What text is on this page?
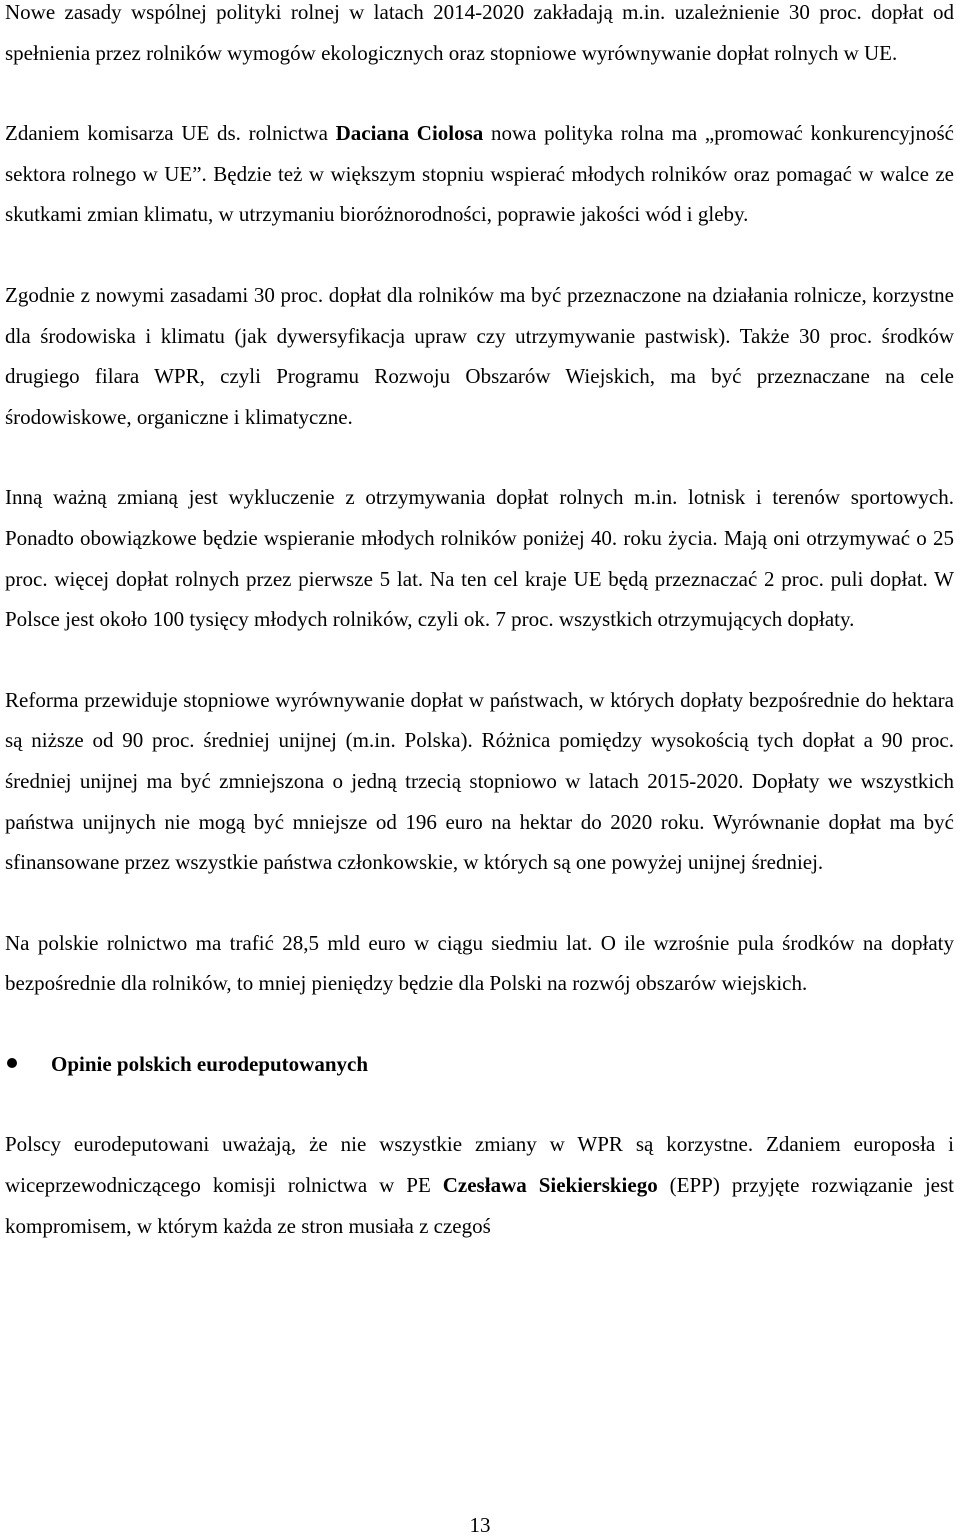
Nowe zasady wspólnej polityki rolnej w latach 2014-2020 zakładają m.in. uzależnienie 30 proc. dopłat od spełnienia przez rolników wymogów ekologicznych oraz stopniowe wyrównywanie dopłat rolnych w UE.

Zdaniem komisarza UE ds. rolnictwa Daciana Ciolosa nowa polityka rolna ma „promować konkurencyjność sektora rolnego w UE”. Będzie też w większym stopniu wspierać młodych rolników oraz pomagać w walce ze skutkami zmian klimatu, w utrzymaniu bioróżnorodności, poprawie jakości wód i gleby.

Zgodnie z nowymi zasadami 30 proc. dopłat dla rolników ma być przeznaczone na działania rolnicze, korzystne dla środowiska i klimatu (jak dywersyfikacja upraw czy utrzymywanie pastwisk). Także 30 proc. środków drugiego filara WPR, czyli Programu Rozwoju Obszarów Wiejskich, ma być przeznaczane na cele środowiskowe, organiczne i klimatyczne.

Inną ważną zmianą jest wykluczenie z otrzymywania dopłat rolnych m.in. lotnisk i terenów sportowych. Ponadto obowiązkowe będzie wspieranie młodych rolników poniżej 40. roku życia. Mają oni otrzymywać o 25 proc. więcej dopłat rolnych przez pierwsze 5 lat. Na ten cel kraje UE będą przeznaczać 2 proc. puli dopłat. W Polsce jest około 100 tysięcy młodych rolników, czyli ok. 7 proc. wszystkich otrzymujących dopłaty.

Reforma przewiduje stopniowe wyrównywanie dopłat w państwach, w których dopłaty bezpośrednie do hektara są niższe od 90 proc. średniej unijnej (m.in. Polska). Różnica pomiędzy wysokością tych dopłat a 90 proc. średniej unijnej ma być zmniejszona o jedną trzecią stopniowo w latach 2015-2020. Dopłaty we wszystkich państwa unijnych nie mogą być mniejsze od 196 euro na hektar do 2020 roku. Wyrównanie dopłat ma być sfinansowane przez wszystkie państwa członkowskie, w których są one powyżej unijnej średniej.

Na polskie rolnictwo ma trafić 28,5 mld euro w ciągu siedmiu lat. O ile wzrośnie pula środków na dopłaty bezpośrednie dla rolników, to mniej pieniędzy będzie dla Polski na rozwój obszarów wiejskich.

Opinie polskich eurodeputowanych

Polscy eurodeputowani uważają, że nie wszystkie zmiany w WPR są korzystne. Zdaniem europosła i wiceprzewodniczącego komisji rolnictwa w PE Czesława Siekierskiego (EPP) przyjęte rozwiązanie jest kompromisem, w którym każda ze stron musiała z czegoś

13
